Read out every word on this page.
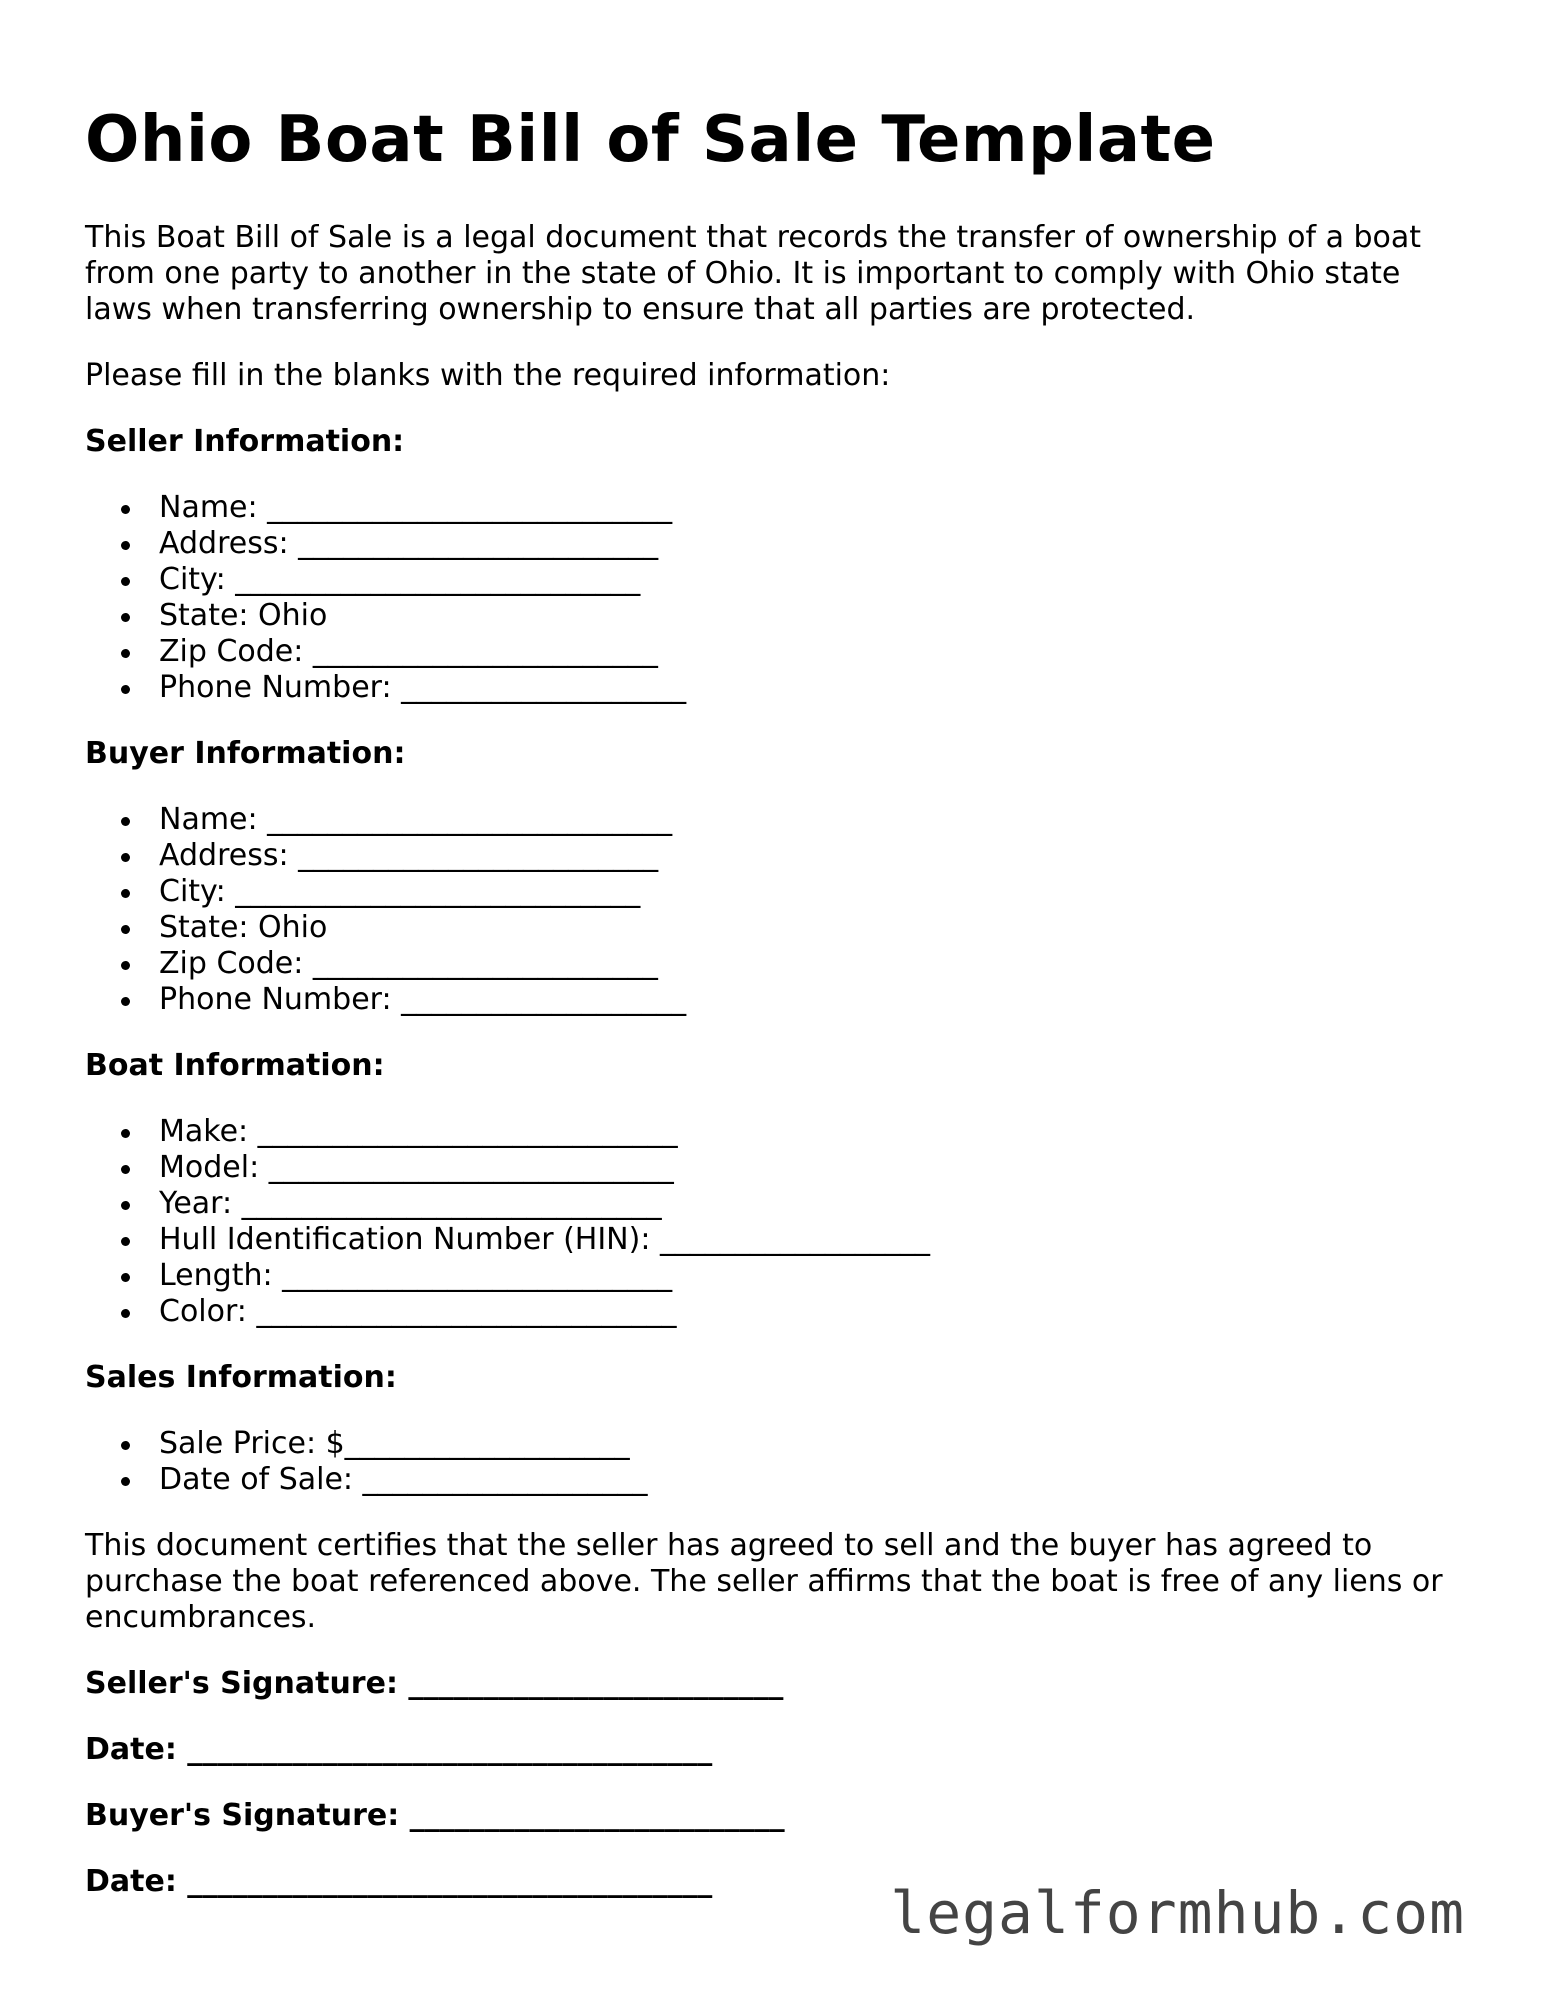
Ohio Boat Bill of Sale Template

This Boat Bill of Sale is a legal document that records the transfer of ownership of a boat from one party to another in the state of Ohio. It is important to comply with Ohio state laws when transferring ownership to ensure that all parties are protected.

Please fill in the blanks with the required information:

Seller Information:
Name: ___________________________
Address: ________________________
City: ___________________________
State: Ohio
Zip Code: _______________________
Phone Number: ___________________
Buyer Information:
Name: ___________________________
Address: ________________________
City: ___________________________
State: Ohio
Zip Code: _______________________
Phone Number: ___________________
Boat Information:
Make: ____________________________
Model: ___________________________
Year: ____________________________
Hull Identification Number (HIN): __________________
Length: __________________________
Color: ____________________________
Sales Information:
Sale Price: $___________________
Date of Sale: ___________________

This document certifies that the seller has agreed to sell and the buyer has agreed to purchase the boat referenced above. The seller affirms that the boat is free of any liens or encumbrances.

Seller's Signature: _________________________
Date: ___________________________________
Buyer's Signature: _________________________
Date: ___________________________________	legalformhub.com
